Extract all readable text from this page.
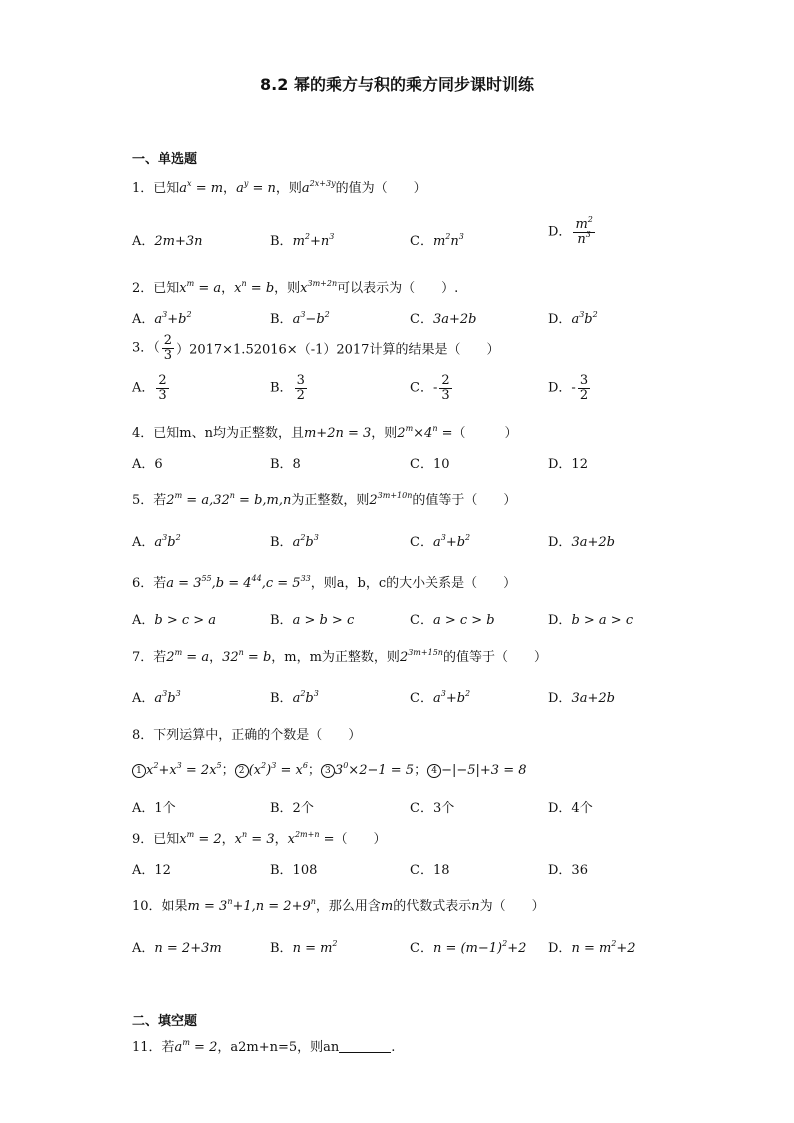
8.2 幂的乘方与积的乘方同步课时训练
一、单选题
1．已知$a^x = m$，$a^y = n$，则$a^{2x+3y}$的值为（　　）
A．2m+3n	B．$m^2+n^3$	C．$m^2n^3$	D． $\frac{m^2}{n^3}$
2．已知$x^m = a$，$x^n = b$，则$x^{3m+2n}$可以表示为（　　）.
A．$a^3+b^2$	B．$a^3-b^2$	C．3a+2b	D．$a^3b^2$
3．（ $\frac{2}{3} )2017\times 1.52016\times(-1)2017$计算的结果是（　　）
A． $\frac{2}{3}$	B． $\frac{3}{2}$	C．- $\frac{2}{3}$	D．- $\frac{3}{2}$
4．已知m、n均为正整数，且m+2n = 3，则$2^m\times 4^n$ =（　　　）
A．6	B．8	C．10	D．12
5．若$2^m = a,32^n = b,m,n$为正整数，则$2^{3m+10n}$的值等于（　　）
A．$a^3b^2$	B．$a^2b^3$	C．$a^3+b^2$	D．3a+2b
6．若$a = 3^{55},b = 4^{44},c = 5^{33}$，则a，b，c的大小关系是（　　）
A．b > c > a	B．a > b > c	C．a > c > b	D．b > a > c
7．若$2^m = a$，$32^n = b$，m，m为正整数，则$2^{3m+15n}$的值等于（　　）
A．$a^3b^3$	B．$a^2b^3$	C．$a^3+b^2$	D．3a+2b
8．下列运算中，正确的个数是（　　）
1 $x^2+x^3 = 2x^5$； 2 $(x^2)^3 = x^6$； 3 $3^0\times 2-1 = 5$； 4 −|−5|+3 = 8
A．1个	B．2个	C．3个	D．4个
9．已知$x^m = 2$，$x^n = 3$，$x^{2m+n}$ =（　　）
A．12	B．108	C．18	D．36
10．如果$m = 3^n+1,n = 2+9^n$，那么用含m的代数式表示n为（　　）
A．n = 2+3m	B．$n = m^2$	C．$n = (m-1)^2+2$ D．$n = m^2+2$
二、填空题
11．若$a^m = 2$，a2m+n=5，则an	.
